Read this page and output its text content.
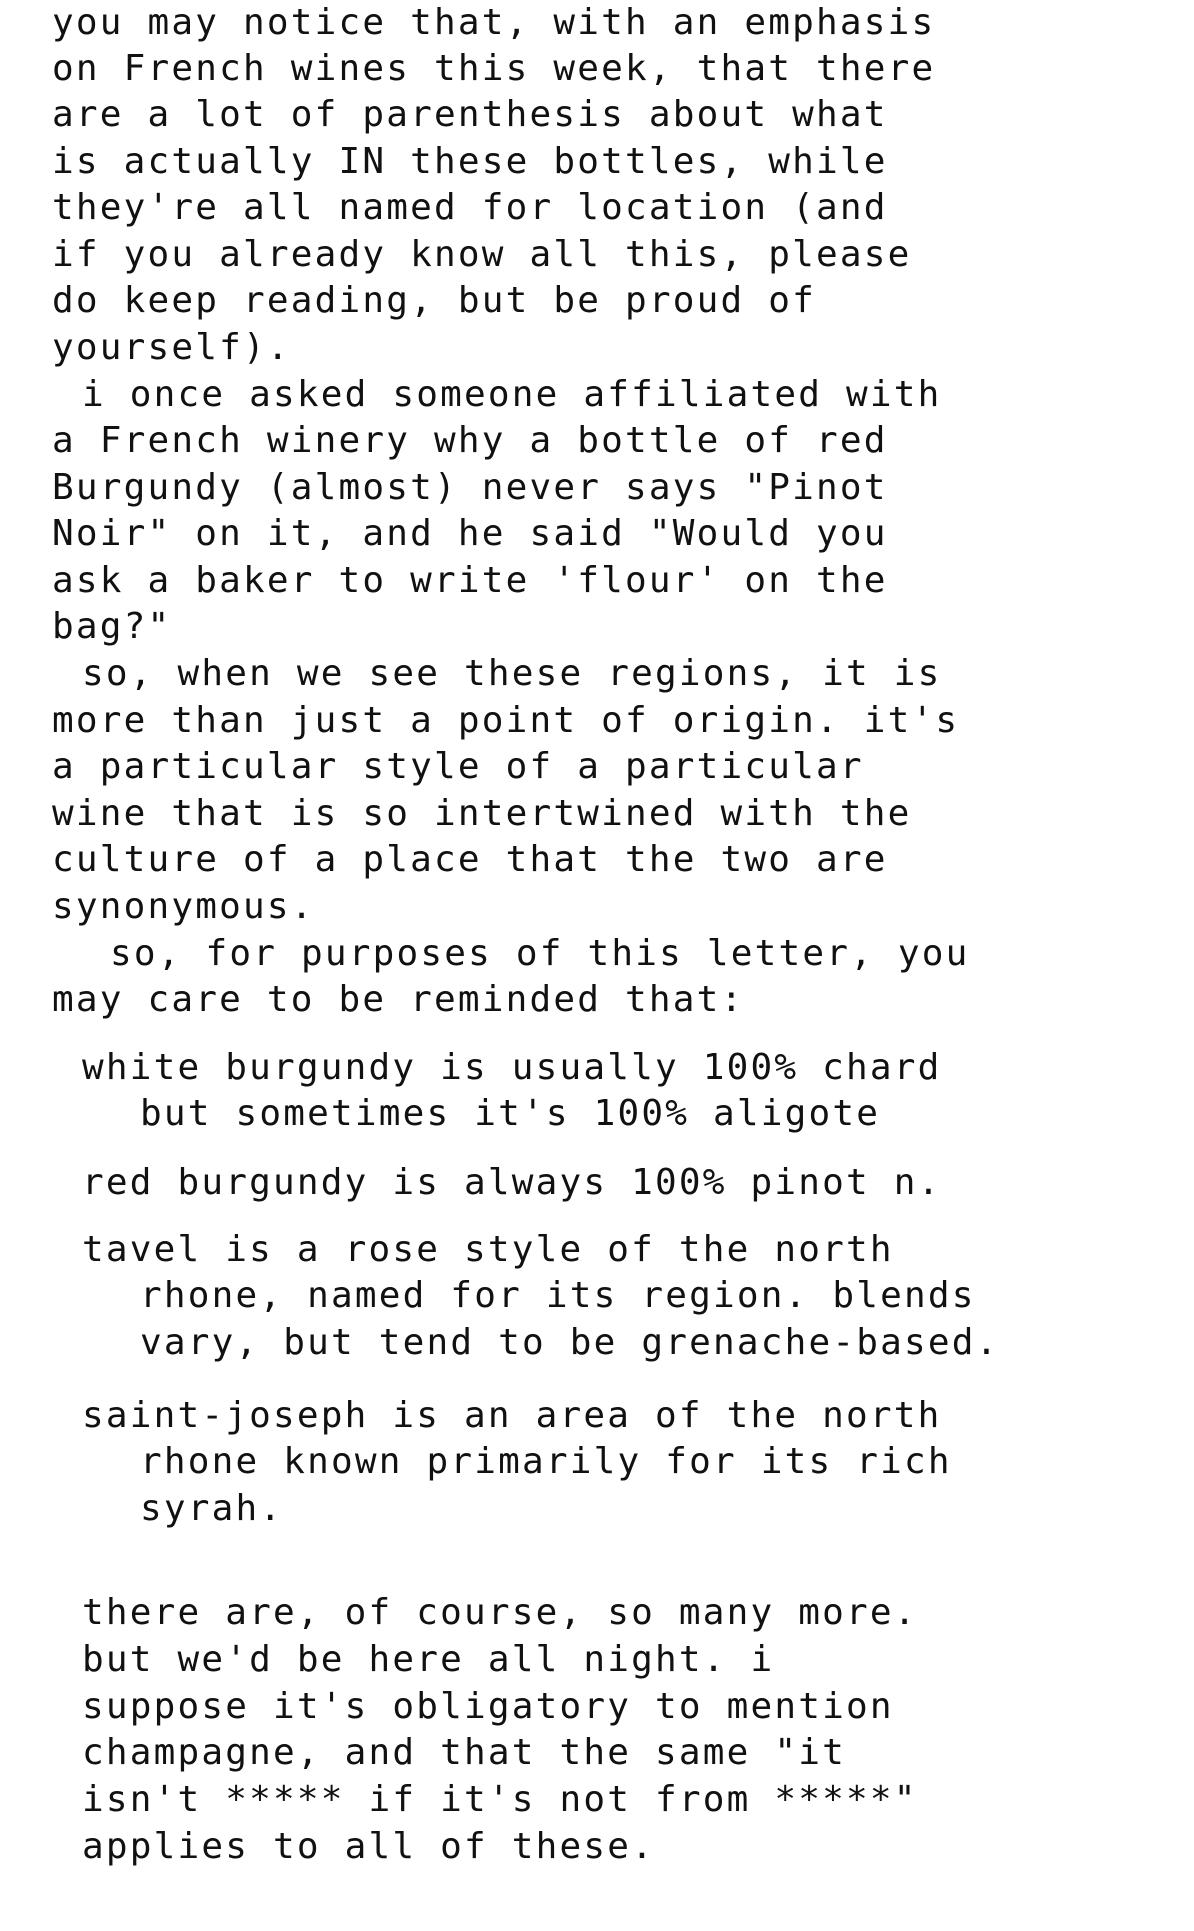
you may notice that, with an emphasis
on French wines this week, that there
are a lot of parenthesis about what
is actually IN these bottles, while
they're all named for location (and
if you already know all this, please
do keep reading, but be proud of
yourself).
i once asked someone affiliated with
a French winery why a bottle of red
Burgundy (almost) never says "Pinot
Noir" on it, and he said "Would you
ask a baker to write 'flour' on the
bag?"
so, when we see these regions, it is
more than just a point of origin. it's
a particular style of a particular
wine that is so intertwined with the
culture of a place that the two are
synonymous.
so, for purposes of this letter, you
may care to be reminded that:
white burgundy is usually 100% chard
but sometimes it's 100% aligote
red burgundy is always 100% pinot n.
tavel is a rose style of the north
rhone, named for its region. blends
vary, but tend to be grenache-based.
saint-joseph is an area of the north
rhone known primarily for its rich
syrah.
there are, of course, so many more.
but we'd be here all night. i
suppose it's obligatory to mention
champagne, and that the same "it
isn't ***** if it's not from *****"
applies to all of these.
